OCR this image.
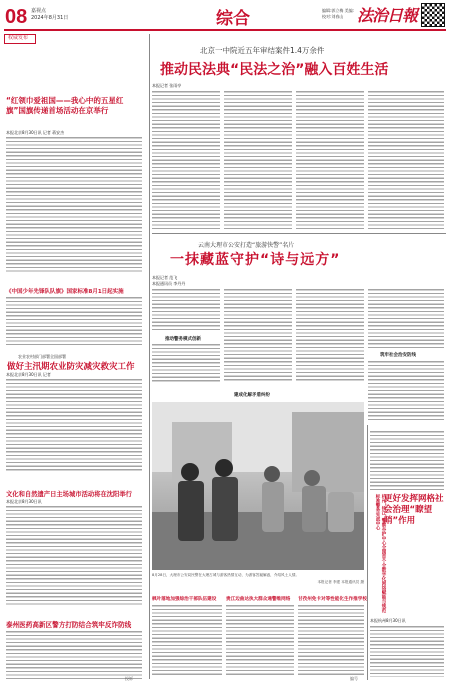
08 嘉视点
2024年8月31日	综合	编辑:郭立梅 美编:
校对:刘春山 法治日報
权威发布
“红领巾爱祖国——我心中的五星红旗”国旗传递首场活动在京举行
本报北京8月30日讯 记者 蒋安杰
《中国少年先锋队队旗》国家标准8月1日起实施
农业农村部门部署全国部署
做好主汛期农业防灾减灾救灾工作
本报北京8月30日讯 记者
文化和自然遗产日主场城市活动将在沈阳举行
本报北京8月30日讯
泰州医药高新区警方打防结合筑牢反诈防线
北京一中院近五年审结案件1.4万余件
推动民法典“民法之治”融入百姓生活
本报记者 张雨亭
云南大理市公安打造“旅游快警”名片
一抹藏蓝守护“诗与远方”
本报记者 范飞
本报通讯员 李丹丹
推动警务模式创新
建成化解矛盾纠纷
筑牢社会治安防线
8月28日，大理市公安局民警在大理古城与游客热情互动，为游客答疑解惑，介绍风土人情。
本报记者 李建 本报通讯员 摄
枫叶落地加强综治干部队伍建设	贵江边曲达执大群众通警维网络	甘孜州免卡对等性能化生作推学校	杭州“钱江”警察谷护中心全国首个全数字化网络赋能与规范标准警务实战中心 更好发挥网格社会治理“瞭望哨”作用
本报杭州8月30日讯
投诉	编号
